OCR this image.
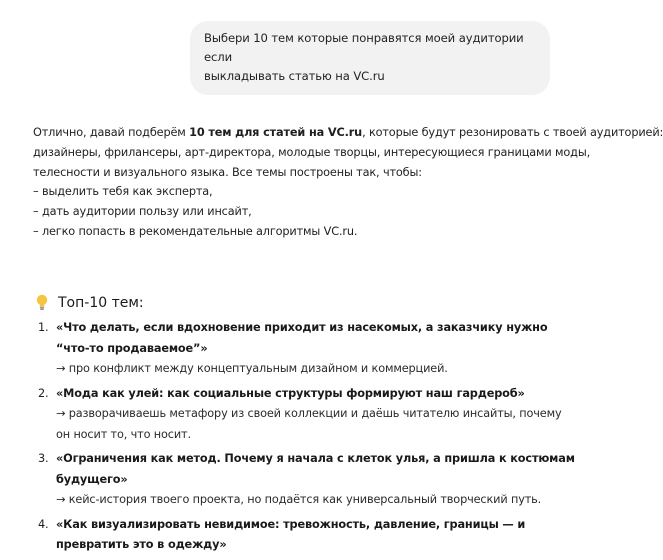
Выбери 10 тем которые понравятся моей аудитории если
выкладывать статью на VC.ru
Отлично, давай подберём 10 тем для статей на VC.ru, которые будут резонировать с твоей аудиторией:
дизайнеры, фрилансеры, арт-директора, молодые творцы, интересующиеся границами моды,
телесности и визуального языка. Все темы построены так, чтобы:
– выделить тебя как эксперта,
– дать аудитории пользу или инсайт,
– легко попасть в рекомендательные алгоритмы VC.ru.
Топ-10 тем:
1. «Что делать, если вдохновение приходит из насекомых, а заказчику нужно “что-то продаваемое”»
→ про конфликт между концептуальным дизайном и коммерцией.
2. «Мода как улей: как социальные структуры формируют наш гардероб»
→ разворачиваешь метафору из своей коллекции и даёшь читателю инсайты, почему он носит то, что носит.
3. «Ограничения как метод. Почему я начала с клеток улья, а пришла к костюмам будущего»
→ кейс-история твоего проекта, но подаётся как универсальный творческий путь.
4. «Как визуализировать невидимое: тревожность, давление, границы — и превратить это в одежду»
